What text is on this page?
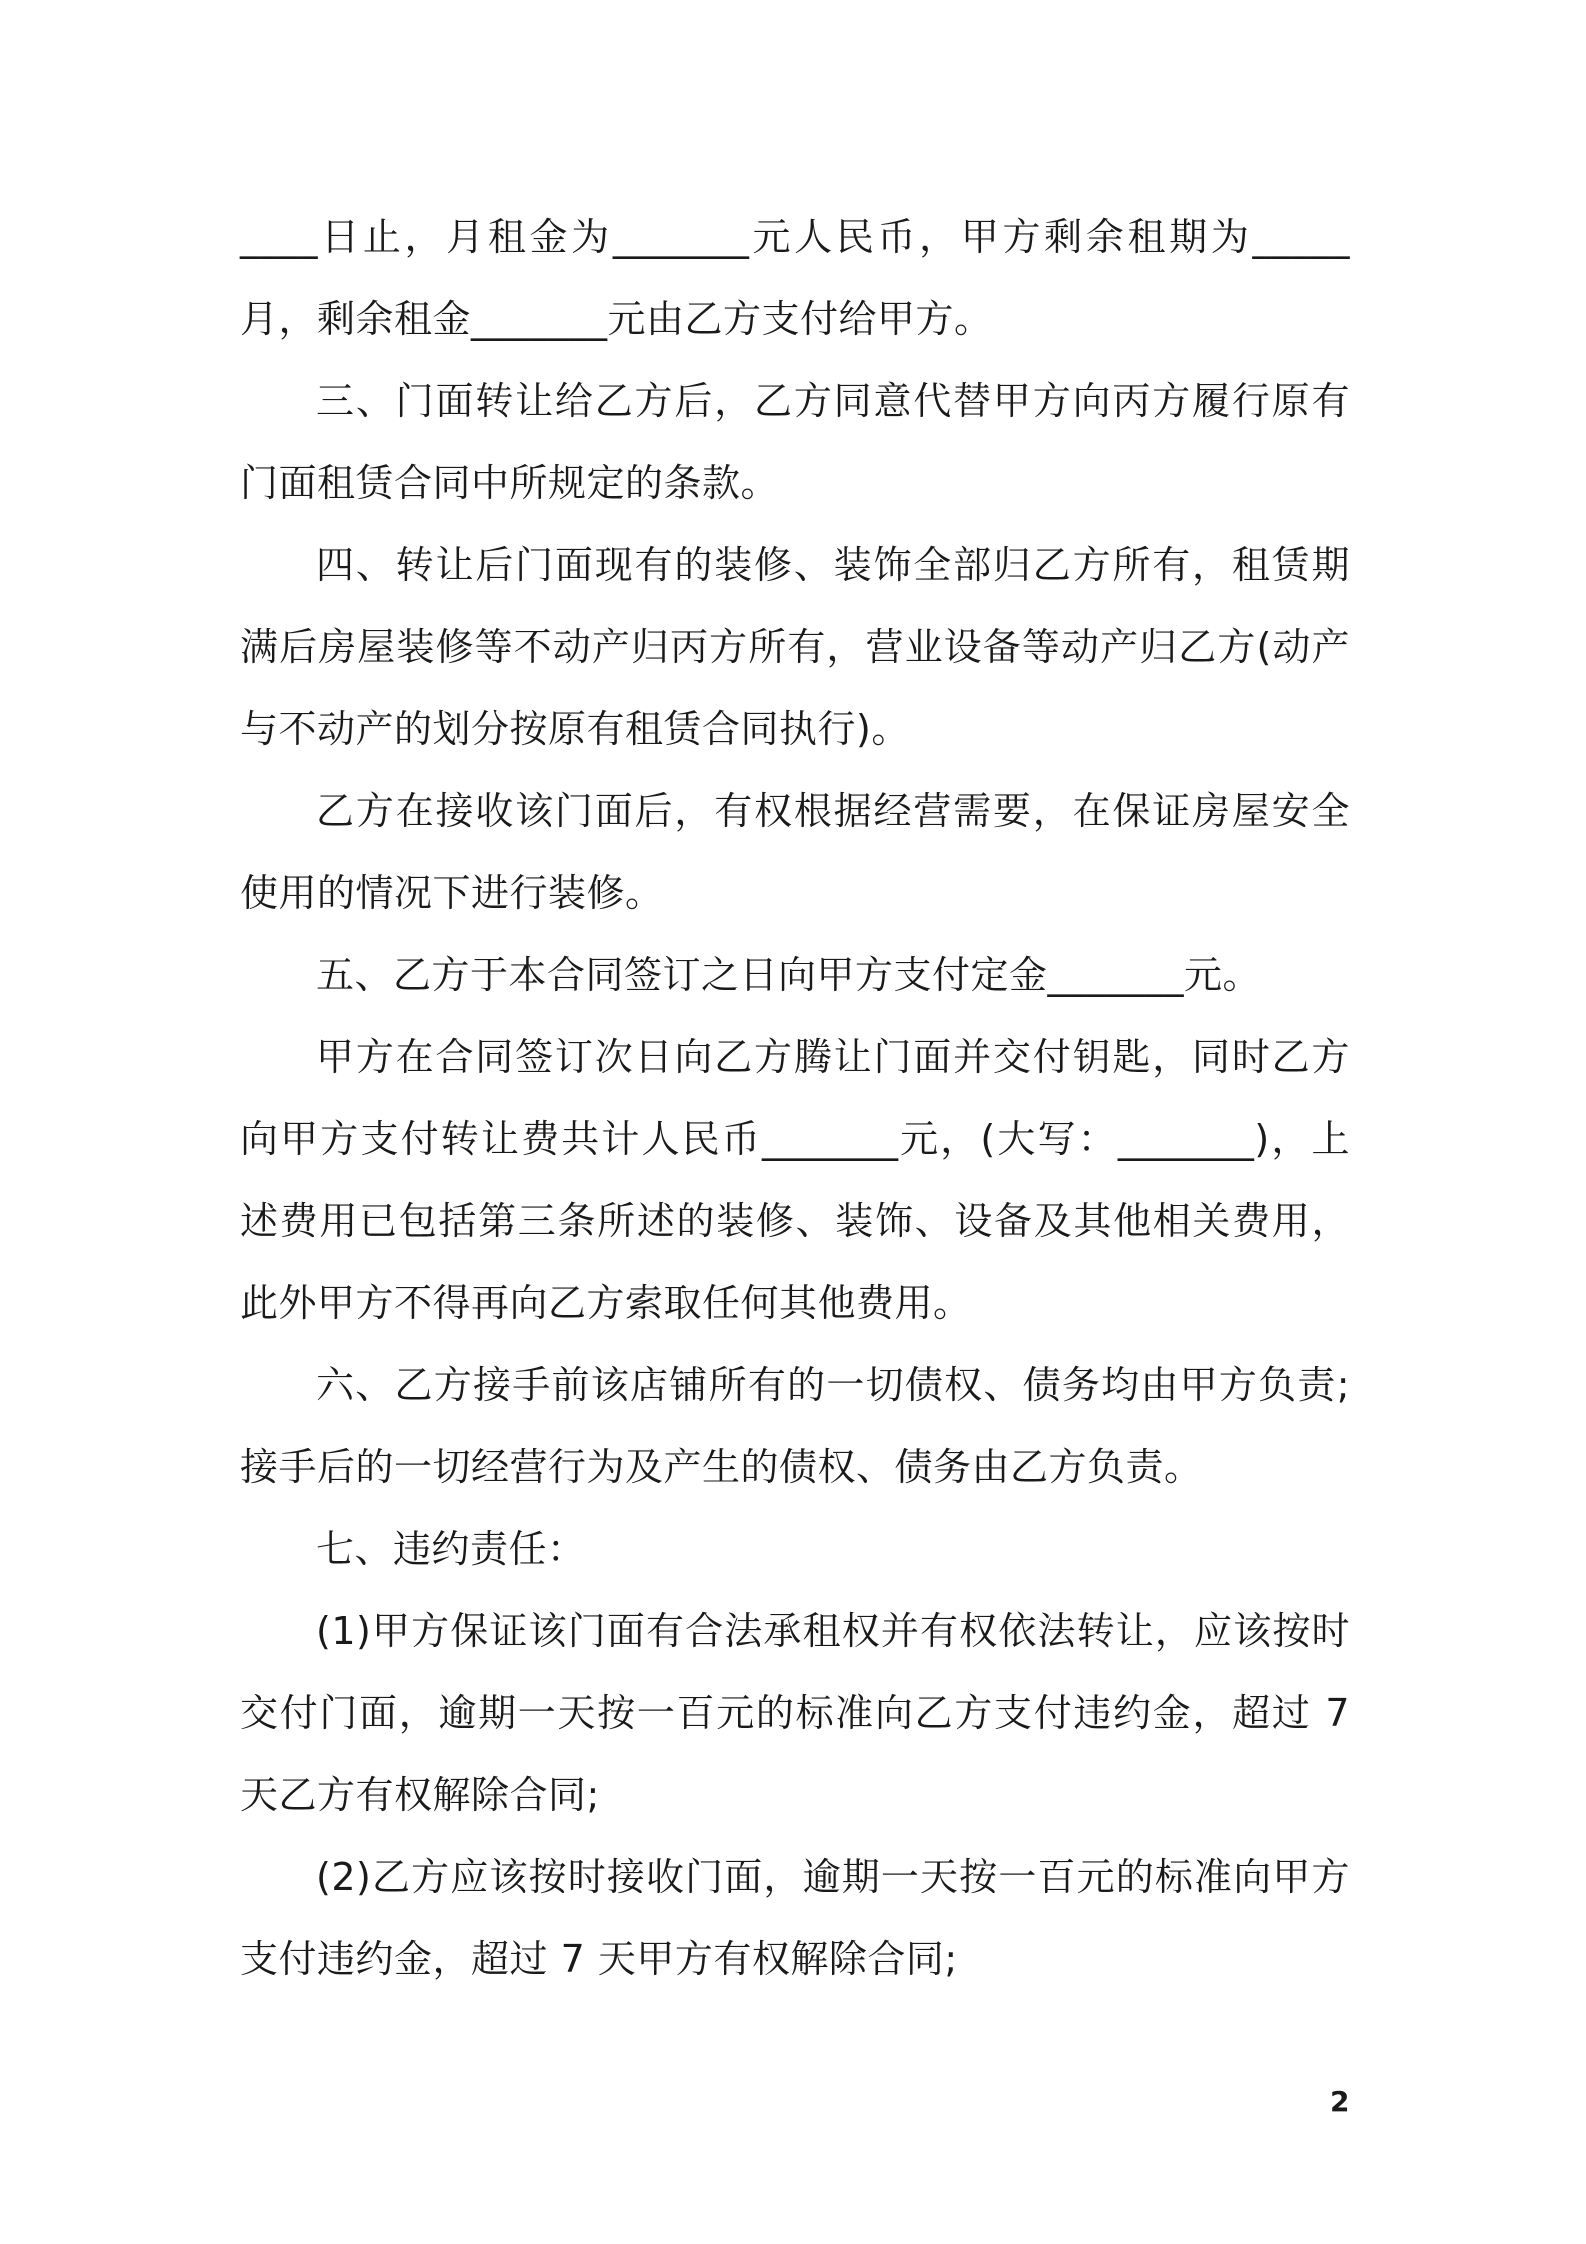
____日止，月租金为_______元人民币，甲方剩余租期为_____月，剩余租金_______元由乙方支付给甲方。

三、门面转让给乙方后，乙方同意代替甲方向丙方履行原有门面租赁合同中所规定的条款。

四、转让后门面现有的装修、装饰全部归乙方所有，租赁期满后房屋装修等不动产归丙方所有，营业设备等动产归乙方(动产与不动产的划分按原有租赁合同执行)。

乙方在接收该门面后，有权根据经营需要，在保证房屋安全使用的情况下进行装修。

五、乙方于本合同签订之日向甲方支付定金_______元。

甲方在合同签订次日向乙方腾让门面并交付钥匙，同时乙方向甲方支付转让费共计人民币_______元，(大写：_______)，上述费用已包括第三条所述的装修、装饰、设备及其他相关费用，此外甲方不得再向乙方索取任何其他费用。

六、乙方接手前该店铺所有的一切债权、债务均由甲方负责;接手后的一切经营行为及产生的债权、债务由乙方负责。

七、违约责任：

(1)甲方保证该门面有合法承租权并有权依法转让，应该按时交付门面，逾期一天按一百元的标准向乙方支付违约金，超过 7 天乙方有权解除合同;

(2)乙方应该按时接收门面，逾期一天按一百元的标准向甲方支付违约金，超过 7 天甲方有权解除合同;

2
